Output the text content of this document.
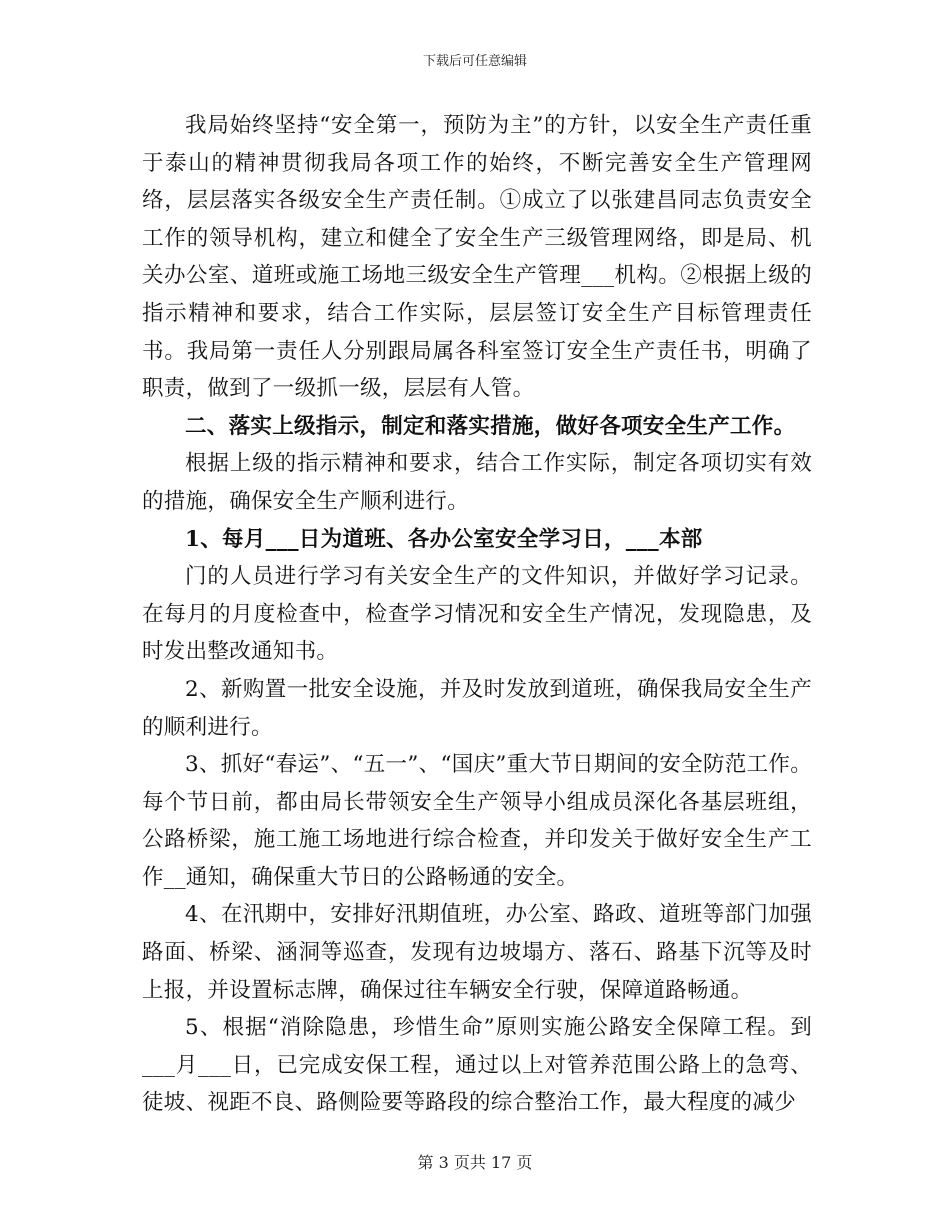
下载后可任意编辑

我局始终坚持“安全第一，预防为主”的方针，以安全生产责任重于泰山的精神贯彻我局各项工作的始终，不断完善安全生产管理网络，层层落实各级安全生产责任制。①成立了以张建昌同志负责安全工作的领导机构，建立和健全了安全生产三级管理网络，即是局、机关办公室、道班或施工场地三级安全生产管理___机构。②根据上级的指示精神和要求，结合工作实际，层层签订安全生产目标管理责任书。我局第一责任人分别跟局属各科室签订安全生产责任书，明确了职责，做到了一级抓一级，层层有人管。

二、落实上级指示，制定和落实措施，做好各项安全生产工作。

根据上级的指示精神和要求，结合工作实际，制定各项切实有效的措施，确保安全生产顺利进行。

1、每月___日为道班、各办公室安全学习日，___本部

门的人员进行学习有关安全生产的文件知识，并做好学习记录。在每月的月度检查中，检查学习情况和安全生产情况，发现隐患，及时发出整改通知书。

2、新购置一批安全设施，并及时发放到道班，确保我局安全生产的顺利进行。

3、抓好“春运”、“五一”、“国庆”重大节日期间的安全防范工作。每个节日前，都由局长带领安全生产领导小组成员深化各基层班组，公路桥梁，施工施工场地进行综合检查，并印发关于做好安全生产工作__通知，确保重大节日的公路畅通的安全。

4、在汛期中，安排好汛期值班，办公室、路政、道班等部门加强路面、桥梁、涵洞等巡查，发现有边坡塌方、落石、路基下沉等及时上报，并设置标志牌，确保过往车辆安全行驶，保障道路畅通。

5、根据“消除隐患，珍惜生命”原则实施公路安全保障工程。到___月___日，已完成安保工程，通过以上对管养范围公路上的急弯、徒坡、视距不良、路侧险要等路段的综合整治工作，最大程度的减少

第 3 页共 17 页
